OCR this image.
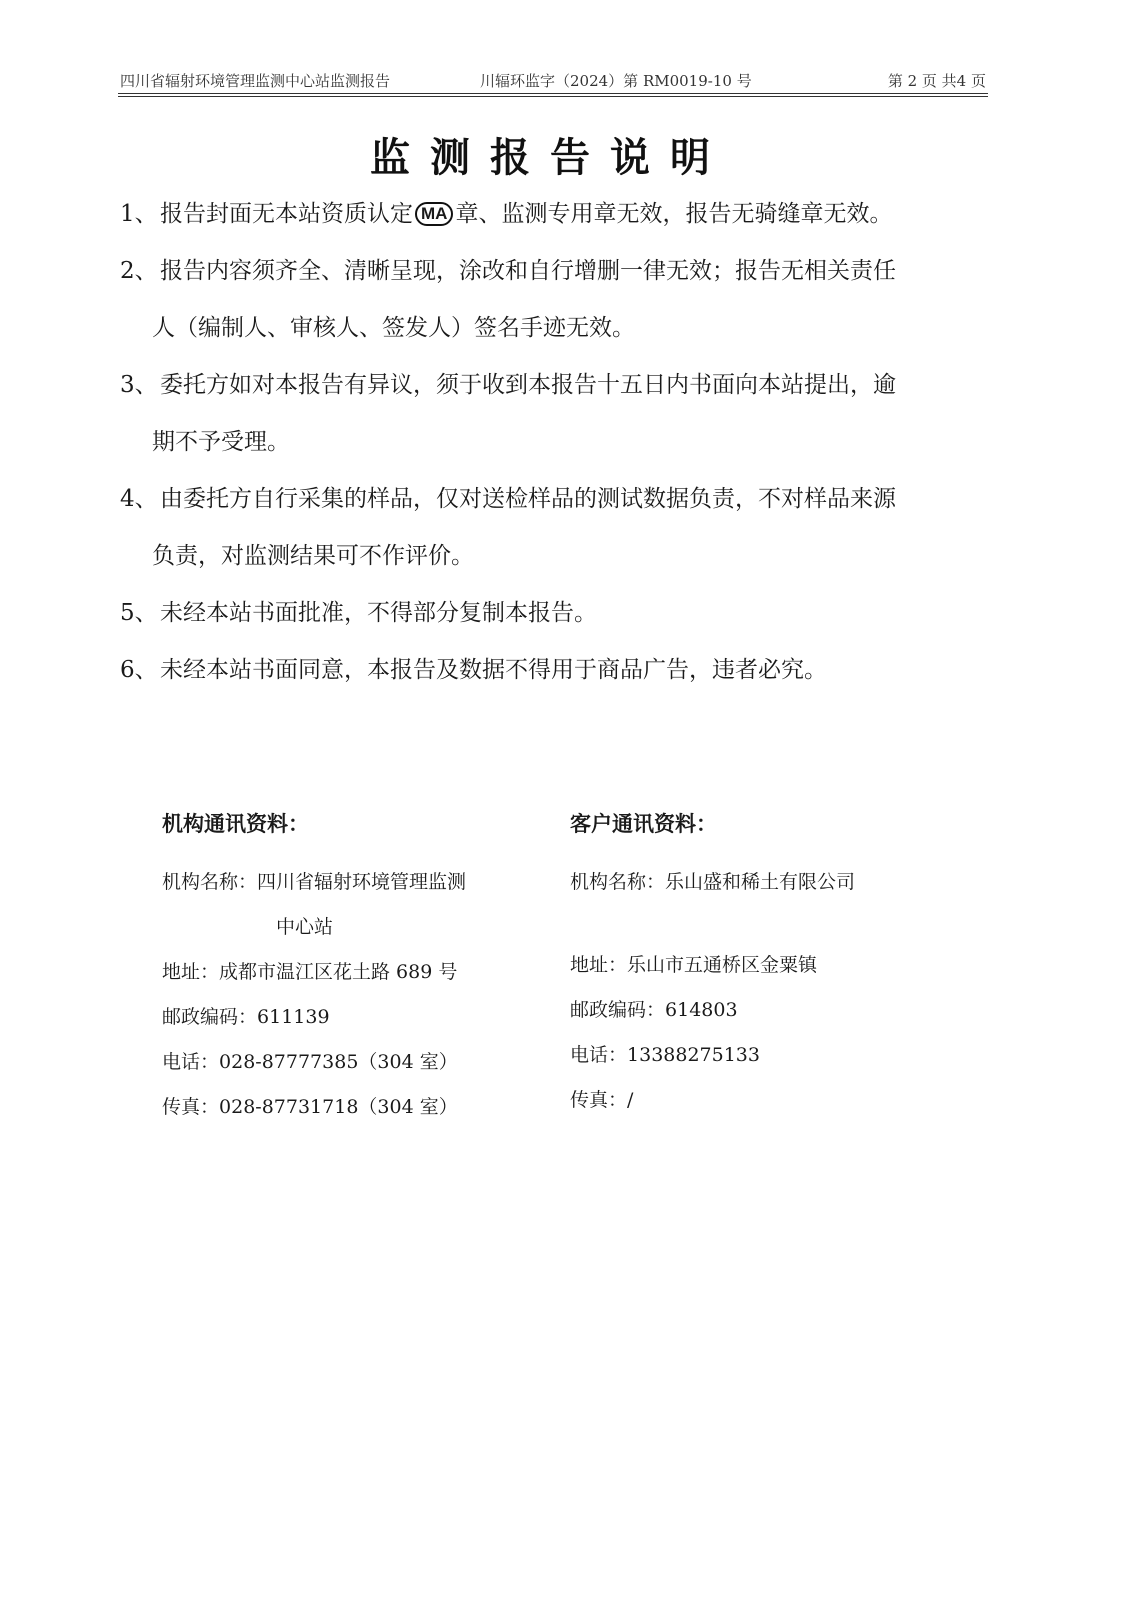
四川省辐射环境管理监测中心站监测报告	川辐环监字（2024）第 RM0019-10 号	第 2 页 共4 页
监测报告说明

1、 报告封面无本站资质认定 MA 章、监测专用章无效，报告无骑缝章无效。

2、 报告内容须齐全、清晰呈现，涂改和自行增删一律无效；报告无相关责任
人（编制人、审核人、签发人）签名手迹无效。

3、 委托方如对本报告有异议，须于收到本报告十五日内书面向本站提出，逾
期不予受理。

4、 由委托方自行采集的样品，仅对送检样品的测试数据负责，不对样品来源
负责，对监测结果可不作评价。

5、 未经本站书面批准，不得部分复制本报告。

6、 未经本站书面同意，本报告及数据不得用于商品广告，违者必究。

机构通讯资料：
机构名称：四川省辐射环境管理监测
中心站
地址：成都市温江区花土路 689 号
邮政编码：611139
电话：028-87777385（304 室）
传真：028-87731718（304 室）
客户通讯资料：
机构名称：乐山盛和稀土有限公司
地址：乐山市五通桥区金粟镇
邮政编码：614803
电话：13388275133
传真：/
